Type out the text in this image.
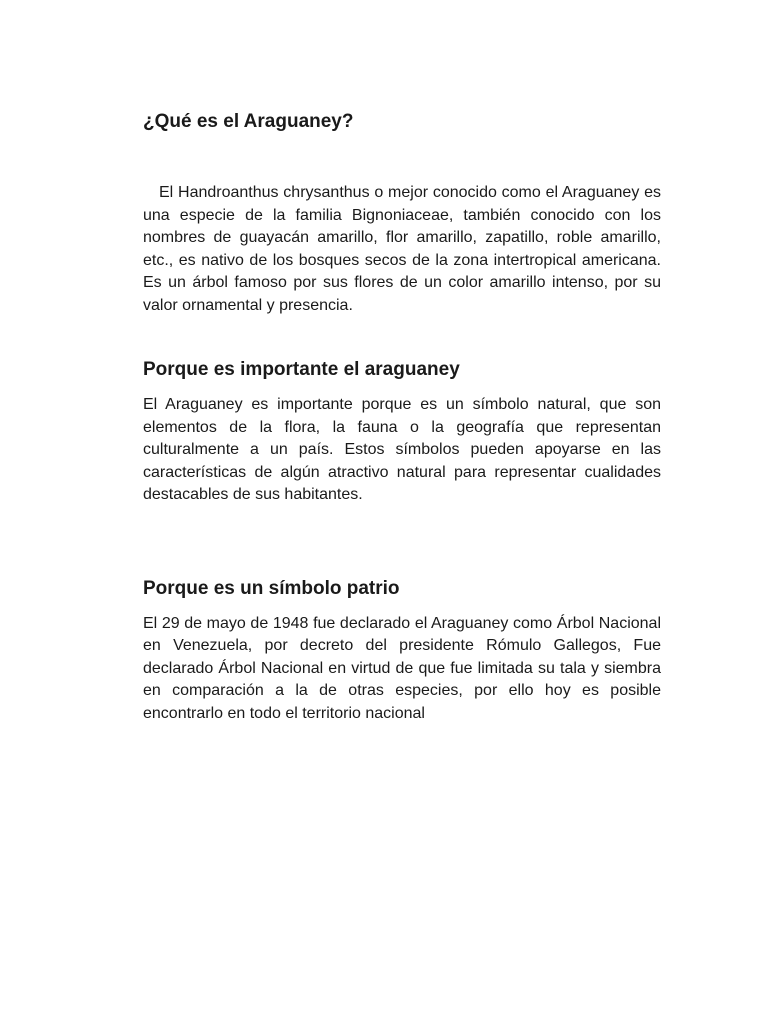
¿Qué es el Araguaney?

El Handroanthus chrysanthus o mejor conocido como el Araguaney es una especie de la familia Bignoniaceae, también conocido con los nombres de guayacán amarillo, flor amarillo, zapatillo, roble amarillo, etc., es nativo de los bosques secos de la zona intertropical americana. Es un árbol famoso por sus flores de un color amarillo intenso, por su valor ornamental y presencia.

Porque es importante el araguaney

El Araguaney es importante porque es un símbolo natural, que son elementos de la flora, la fauna o la geografía que representan culturalmente a un país. Estos símbolos pueden apoyarse en las características de algún atractivo natural para representar cualidades destacables de sus habitantes.

Porque es un símbolo patrio

El 29 de mayo de 1948 fue declarado el Araguaney como Árbol Nacional en Venezuela, por decreto del presidente Rómulo Gallegos, Fue declarado Árbol Nacional en virtud de que fue limitada su tala y siembra en comparación a la de otras especies, por ello hoy es posible encontrarlo en todo el territorio nacional
